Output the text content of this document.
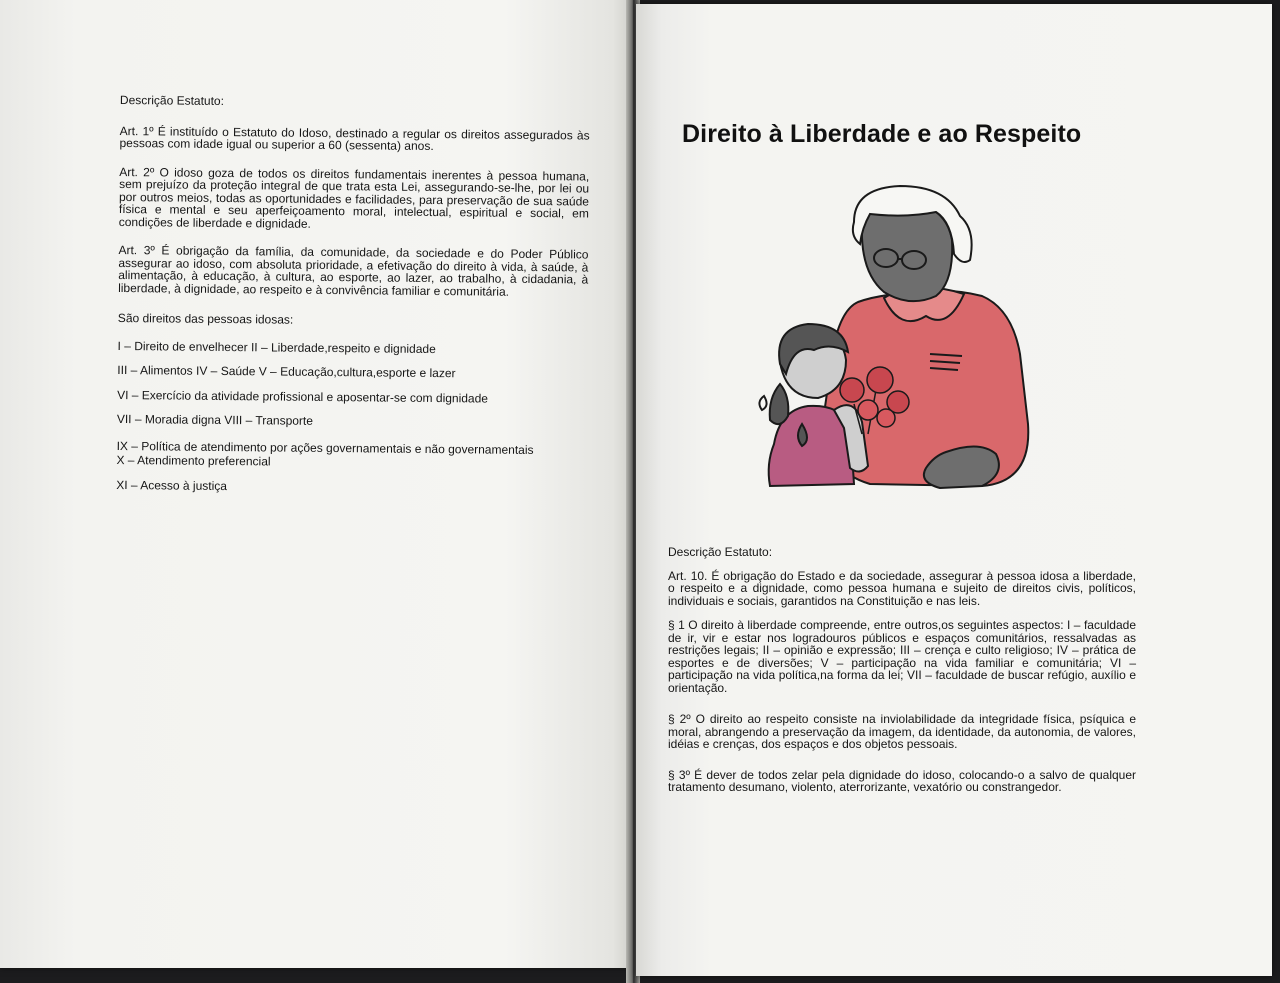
Descrição Estatuto:

Art. 1º É instituído o Estatuto do Idoso, destinado a regular os direitos assegurados às pessoas com idade igual ou superior a 60 (sessenta) anos.

Art. 2º O idoso goza de todos os direitos fundamentais inerentes à pessoa humana, sem prejuízo da proteção integral de que trata esta Lei, assegurando-se-lhe, por lei ou por outros meios, todas as oportunidades e facilidades, para preservação de sua saúde física e mental e seu aperfeiçoamento moral, intelectual, espiritual e social, em condições de liberdade e dignidade.

Art. 3º É obrigação da família, da comunidade, da sociedade e do Poder Público assegurar ao idoso, com absoluta prioridade, a efetivação do direito à vida, à saúde, à alimentação, à educação, à cultura, ao esporte, ao lazer, ao trabalho, à cidadania, à liberdade, à dignidade, ao respeito e à convivência familiar e comunitária.

São direitos das pessoas idosas:

I – Direito de envelhecer II – Liberdade,respeito e dignidade

III – Alimentos IV – Saúde V – Educação,cultura,esporte e lazer

VI – Exercício da atividade profissional e aposentar-se com dignidade

VII – Moradia digna VIII – Transporte

IX – Política de atendimento por ações governamentais e não governamentais

X – Atendimento preferencial

XI – Acesso à justiça

Direito à Liberdade e ao Respeito

Descrição Estatuto:

Art. 10. É obrigação do Estado e da sociedade, assegurar à pessoa idosa a liberdade, o respeito e a dignidade, como pessoa humana e sujeito de direitos civis, políticos, individuais e sociais, garantidos na Constituição e nas leis.

§ 1 O direito à liberdade compreende, entre outros,os seguintes aspectos: I – faculdade de ir, vir e estar nos logradouros públicos e espaços comunitários, ressalvadas as restrições legais; II – opinião e expressão; III – crença e culto religioso; IV – prática de esportes e de diversões; V – participação na vida familiar e comunitária; VI – participação na vida política,na forma da lei; VII – faculdade de buscar refúgio, auxílio e orientação.

§ 2º O direito ao respeito consiste na inviolabilidade da integridade física, psíquica e moral, abrangendo a preservação da imagem, da identidade, da autonomia, de valores, idéias e crenças, dos espaços e dos objetos pessoais.

§ 3º É dever de todos zelar pela dignidade do idoso, colocando-o a salvo de qualquer tratamento desumano, violento, aterrorizante, vexatório ou constrangedor.
